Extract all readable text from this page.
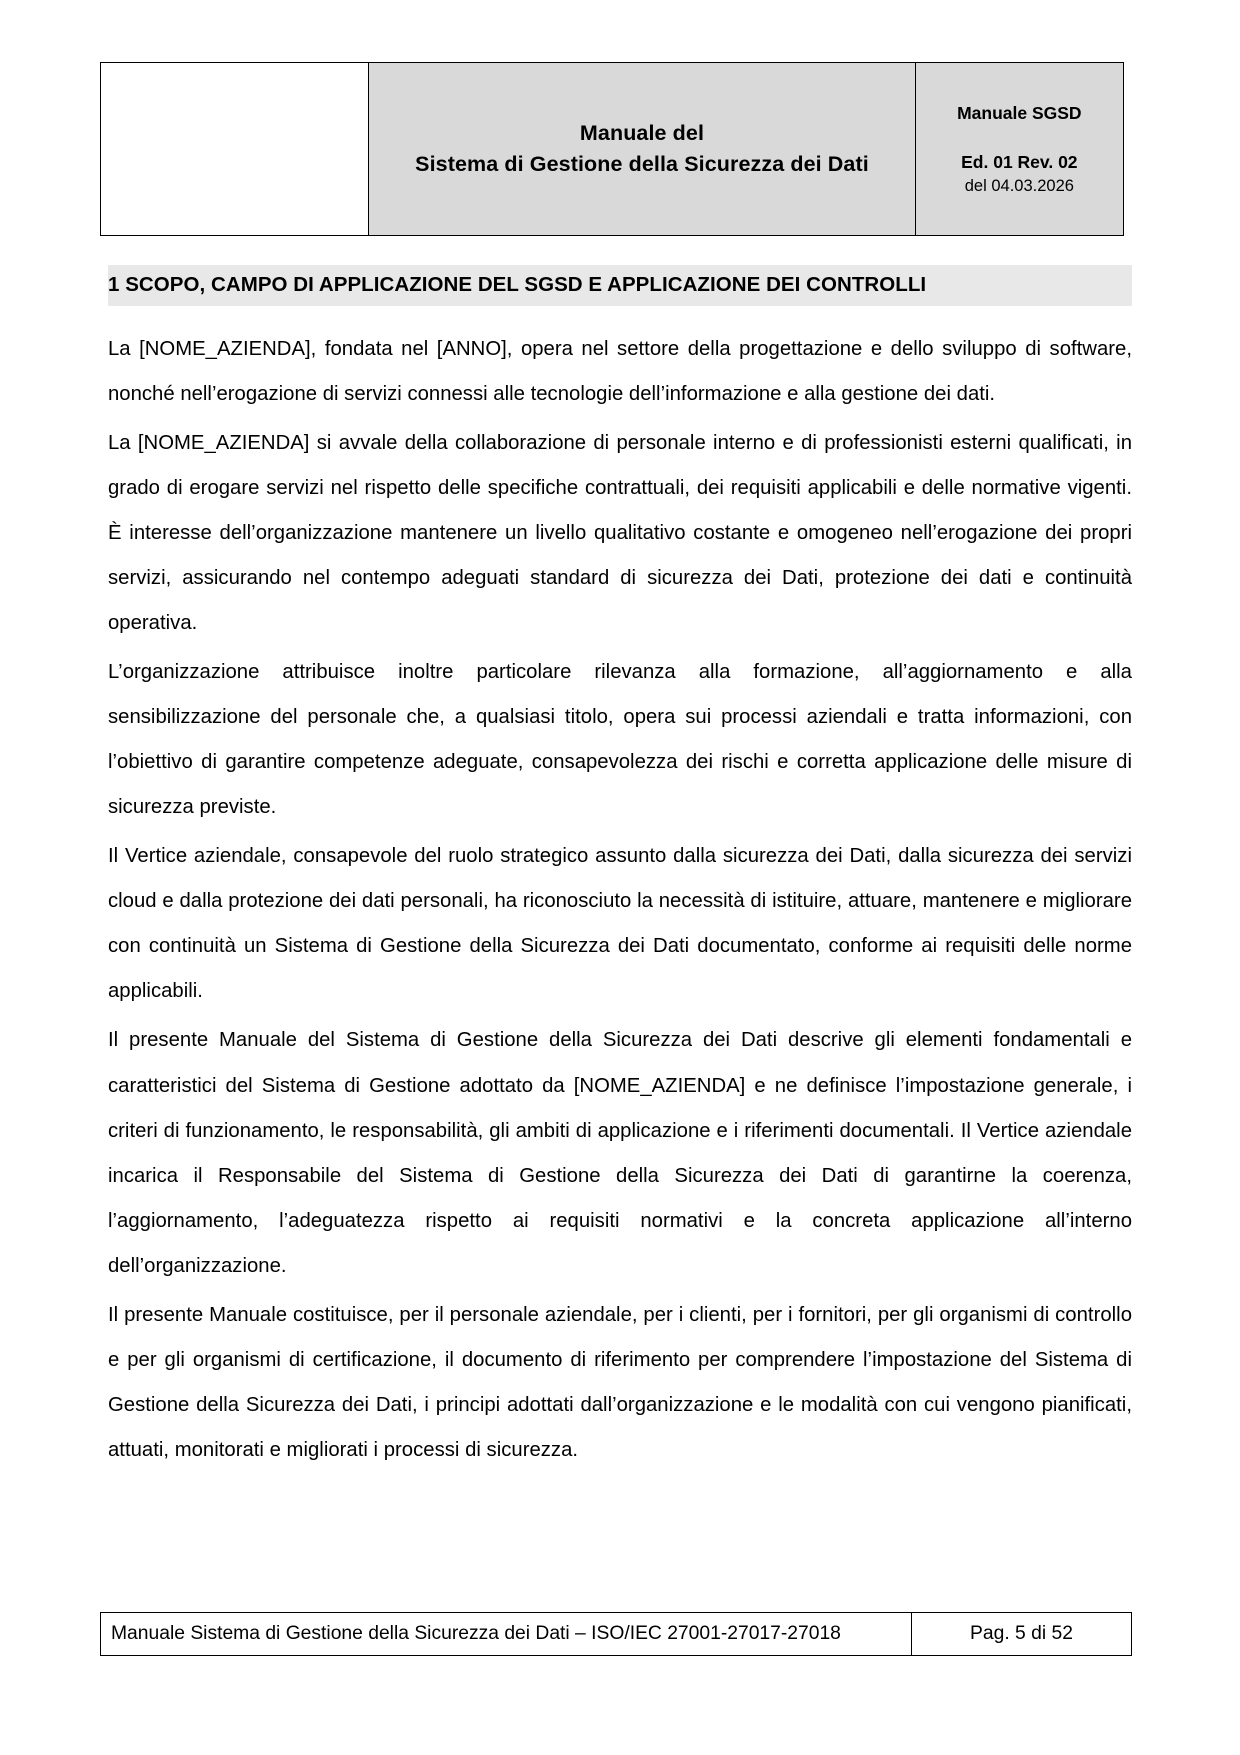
Manuale del
Sistema di Gestione della Sicurezza dei Dati

Manuale SGSD
Ed. 01 Rev. 02
del 04.03.2026
1 SCOPO, CAMPO DI APPLICAZIONE DEL SGSD E APPLICAZIONE DEI CONTROLLI

La [NOME_AZIENDA], fondata nel [ANNO], opera nel settore della progettazione e dello sviluppo di software, nonché nell’erogazione di servizi connessi alle tecnologie dell’informazione e alla gestione dei dati.

La [NOME_AZIENDA] si avvale della collaborazione di personale interno e di professionisti esterni qualificati, in grado di erogare servizi nel rispetto delle specifiche contrattuali, dei requisiti applicabili e delle normative vigenti. È interesse dell’organizzazione mantenere un livello qualitativo costante e omogeneo nell’erogazione dei propri servizi, assicurando nel contempo adeguati standard di sicurezza dei Dati, protezione dei dati e continuità operativa.

L’organizzazione attribuisce inoltre particolare rilevanza alla formazione, all’aggiornamento e alla sensibilizzazione del personale che, a qualsiasi titolo, opera sui processi aziendali e tratta informazioni, con l’obiettivo di garantire competenze adeguate, consapevolezza dei rischi e corretta applicazione delle misure di sicurezza previste.

Il Vertice aziendale, consapevole del ruolo strategico assunto dalla sicurezza dei Dati, dalla sicurezza dei servizi cloud e dalla protezione dei dati personali, ha riconosciuto la necessità di istituire, attuare, mantenere e migliorare con continuità un Sistema di Gestione della Sicurezza dei Dati documentato, conforme ai requisiti delle norme applicabili.

Il presente Manuale del Sistema di Gestione della Sicurezza dei Dati descrive gli elementi fondamentali e caratteristici del Sistema di Gestione adottato da [NOME_AZIENDA] e ne definisce l’impostazione generale, i criteri di funzionamento, le responsabilità, gli ambiti di applicazione e i riferimenti documentali. Il Vertice aziendale incarica il Responsabile del Sistema di Gestione della Sicurezza dei Dati di garantirne la coerenza, l’aggiornamento, l’adeguatezza rispetto ai requisiti normativi e la concreta applicazione all’interno dell’organizzazione.

Il presente Manuale costituisce, per il personale aziendale, per i clienti, per i fornitori, per gli organismi di controllo e per gli organismi di certificazione, il documento di riferimento per comprendere l’impostazione del Sistema di Gestione della Sicurezza dei Dati, i principi adottati dall’organizzazione e le modalità con cui vengono pianificati, attuati, monitorati e migliorati i processi di sicurezza.

Manuale Sistema di Gestione della Sicurezza dei Dati – ISO/IEC 27001-27017-27018	Pag. 5 di 52
